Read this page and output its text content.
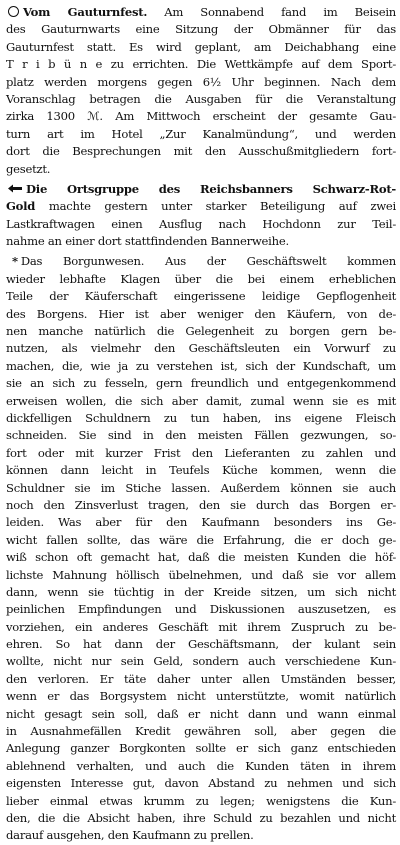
Vom Gauturnfest. Am Sonnabend fand im Beisein
des Gauturnwarts eine Sitzung der Obmänner für das
Gauturnfest statt. Es wird geplant, am Deichabhang eine
T r i b ü n e zu errichten. Die Wettkämpfe auf dem Sport-
platz werden morgens gegen 6½ Uhr beginnen. Nach dem
Voranschlag betragen die Ausgaben für die Veranstaltung
zirka 1300 ℳ. Am Mittwoch erscheint der gesamte Gau-
turn art im Hotel „Zur Kanalmündung“, und werden
dort die Besprechungen mit den Ausschußmitgliedern fort-
gesetzt.
Die Ortsgruppe des Reichsbanners Schwarz-Rot-
Gold machte gestern unter starker Beteiligung auf zwei
Lastkraftwagen einen Ausflug nach Hochdonn zur Teil-
nahme an einer dort stattfindenden Bannerweihe.
* Das Borgunwesen. Aus der Geschäftswelt kommen
wieder lebhafte Klagen über die bei einem erheblichen
Teile der Käuferschaft eingerissene leidige Gepflogenheit
des Borgens. Hier ist aber weniger den Käufern, von de-
nen manche natürlich die Gelegenheit zu borgen gern be-
nutzen, als vielmehr den Geschäftsleuten ein Vorwurf zu
machen, die, wie ja zu verstehen ist, sich der Kundschaft, um
sie an sich zu fesseln, gern freundlich und entgegenkommend
erweisen wollen, die sich aber damit, zumal wenn sie es mit
dickfelligen Schuldnern zu tun haben, ins eigene Fleisch
schneiden. Sie sind in den meisten Fällen gezwungen, so-
fort oder mit kurzer Frist den Lieferanten zu zahlen und
können dann leicht in Teufels Küche kommen, wenn die
Schuldner sie im Stiche lassen. Außerdem können sie auch
noch den Zinsverlust tragen, den sie durch das Borgen er-
leiden. Was aber für den Kaufmann besonders ins Ge-
wicht fallen sollte, das wäre die Erfahrung, die er doch ge-
wiß schon oft gemacht hat, daß die meisten Kunden die höf-
lichste Mahnung höllisch übelnehmen, und daß sie vor allem
dann, wenn sie tüchtig in der Kreide sitzen, um sich nicht
peinlichen Empfindungen und Diskussionen auszusetzen, es
vorziehen, ein anderes Geschäft mit ihrem Zuspruch zu be-
ehren. So hat dann der Geschäftsmann, der kulant sein
wollte, nicht nur sein Geld, sondern auch verschiedene Kun-
den verloren. Er täte daher unter allen Umständen besser,
wenn er das Borgsystem nicht unterstützte, womit natürlich
nicht gesagt sein soll, daß er nicht dann und wann einmal
in Ausnahmefällen Kredit gewähren soll, aber gegen die
Anlegung ganzer Borgkonten sollte er sich ganz entschieden
ablehnend verhalten, und auch die Kunden täten in ihrem
eigensten Interesse gut, davon Abstand zu nehmen und sich
lieber einmal etwas krumm zu legen; wenigstens die Kun-
den, die die Absicht haben, ihre Schuld zu bezahlen und nicht
darauf ausgehen, den Kaufmann zu prellen.
